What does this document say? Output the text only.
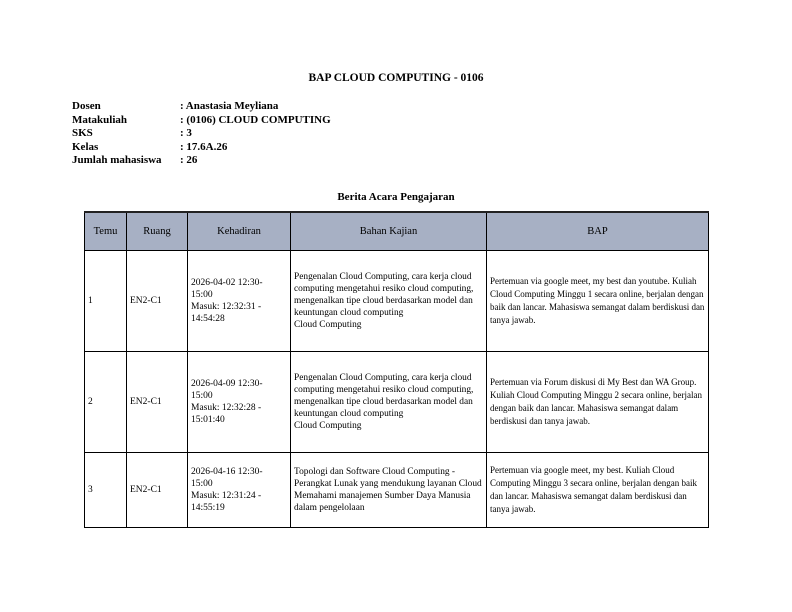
BAP CLOUD COMPUTING - 0106
Dosen	: Anastasia Meyliana
Matakuliah	: (0106) CLOUD COMPUTING
SKS	: 3
Kelas	: 17.6A.26
Jumlah mahasiswa	: 26
Berita Acara Pengajaran
Temu	Ruang	Kehadiran	Bahan Kajian	BAP
1	EN2-C1	2026-04-02 12:30-
15:00
Masuk: 12:32:31 -
14:54:28	Pengenalan Cloud Computing, cara kerja cloud computing mengetahui resiko cloud computing, mengenalkan tipe cloud berdasarkan model dan keuntungan cloud computing
Cloud Computing	Pertemuan via google meet, my best dan youtube. Kuliah Cloud Computing Minggu 1 secara online, berjalan dengan baik dan lancar. Mahasiswa semangat dalam berdiskusi dan tanya jawab.
2	EN2-C1	2026-04-09 12:30-
15:00
Masuk: 12:32:28 -
15:01:40	Pengenalan Cloud Computing, cara kerja cloud computing mengetahui resiko cloud computing, mengenalkan tipe cloud berdasarkan model dan keuntungan cloud computing
Cloud Computing	Pertemuan via Forum diskusi di My Best dan WA Group. Kuliah Cloud Computing Minggu 2 secara online, berjalan dengan baik dan lancar. Mahasiswa semangat dalam berdiskusi dan tanya jawab.
3	EN2-C1	2026-04-16 12:30-
15:00
Masuk: 12:31:24 -
14:55:19	Topologi dan Software Cloud Computing -Perangkat Lunak yang mendukung layanan Cloud Memahami manajemen Sumber Daya Manusia dalam pengelolaan	Pertemuan via google meet, my best. Kuliah Cloud Computing Minggu 3 secara online, berjalan dengan baik dan lancar. Mahasiswa semangat dalam berdiskusi dan tanya jawab.
